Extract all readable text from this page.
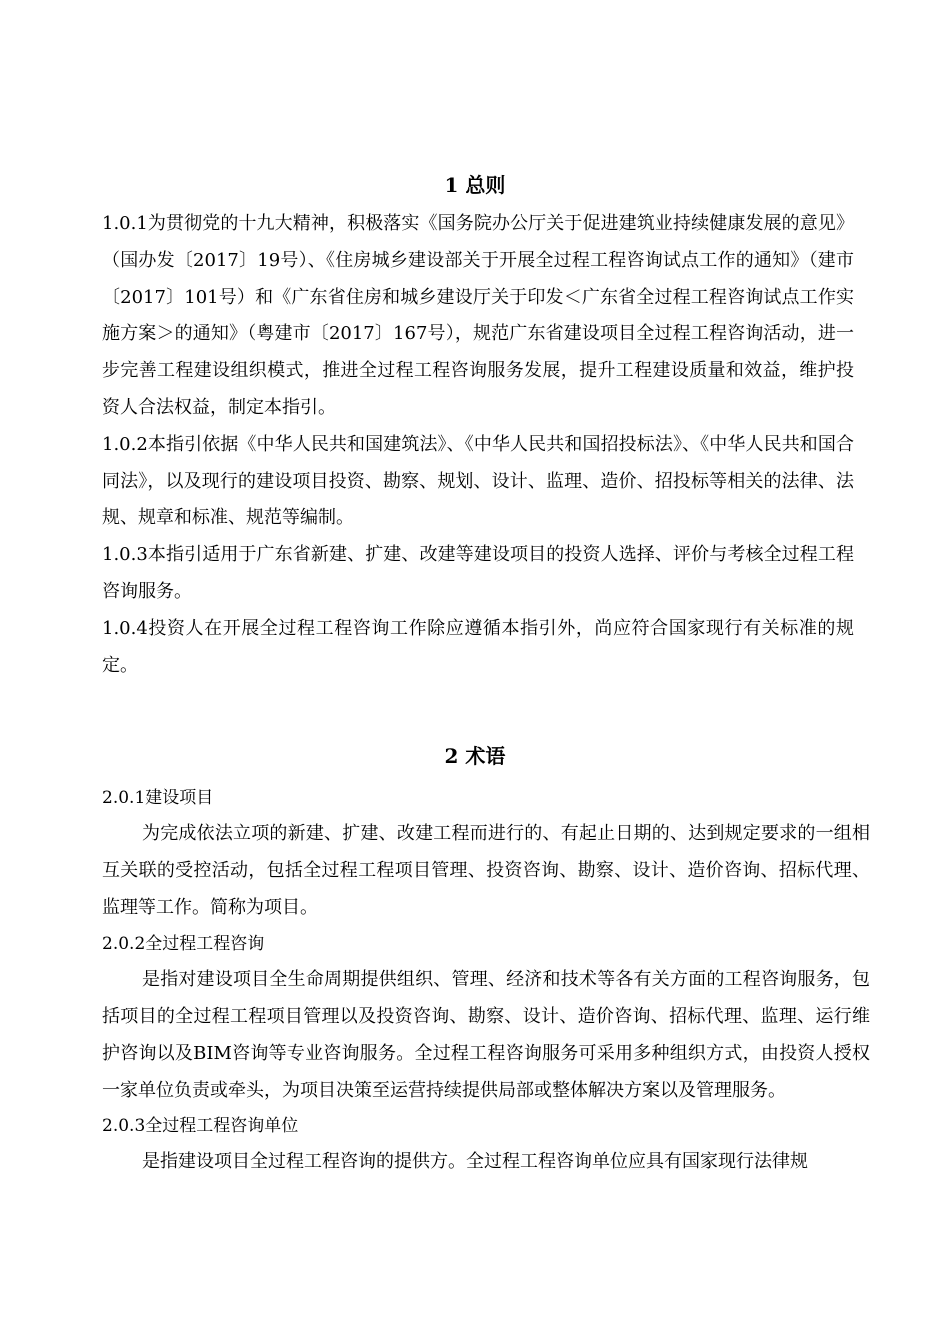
1 总则

1.0.1为贯彻党的十九大精神，积极落实《国务院办公厅关于促进建筑业持续健康发展的意见》（国办发〔2017〕19号）、《住房城乡建设部关于开展全过程工程咨询试点工作的通知》（建市〔2017〕101号）和《广东省住房和城乡建设厅关于印发＜广东省全过程工程咨询试点工作实施方案＞的通知》（粤建市〔2017〕167号），规范广东省建设项目全过程工程咨询活动，进一步完善工程建设组织模式，推进全过程工程咨询服务发展，提升工程建设质量和效益，维护投资人合法权益，制定本指引。

1.0.2本指引依据《中华人民共和国建筑法》、《中华人民共和国招投标法》、《中华人民共和国合同法》，以及现行的建设项目投资、勘察、规划、设计、监理、造价、招投标等相关的法律、法规、规章和标准、规范等编制。

1.0.3本指引适用于广东省新建、扩建、改建等建设项目的投资人选择、评价与考核全过程工程咨询服务。

1.0.4投资人在开展全过程工程咨询工作除应遵循本指引外，尚应符合国家现行有关标准的规定。

2 术语

2.0.1建设项目

为完成依法立项的新建、扩建、改建工程而进行的、有起止日期的、达到规定要求的一组相互关联的受控活动，包括全过程工程项目管理、投资咨询、勘察、设计、造价咨询、招标代理、监理等工作。简称为项目。

2.0.2全过程工程咨询

是指对建设项目全生命周期提供组织、管理、经济和技术等各有关方面的工程咨询服务，包括项目的全过程工程项目管理以及投资咨询、勘察、设计、造价咨询、招标代理、监理、运行维护咨询以及BIM咨询等专业咨询服务。全过程工程咨询服务可采用多种组织方式，由投资人授权一家单位负责或牵头，为项目决策至运营持续提供局部或整体解决方案以及管理服务。

2.0.3全过程工程咨询单位

是指建设项目全过程工程咨询的提供方。全过程工程咨询单位应具有国家现行法律规
